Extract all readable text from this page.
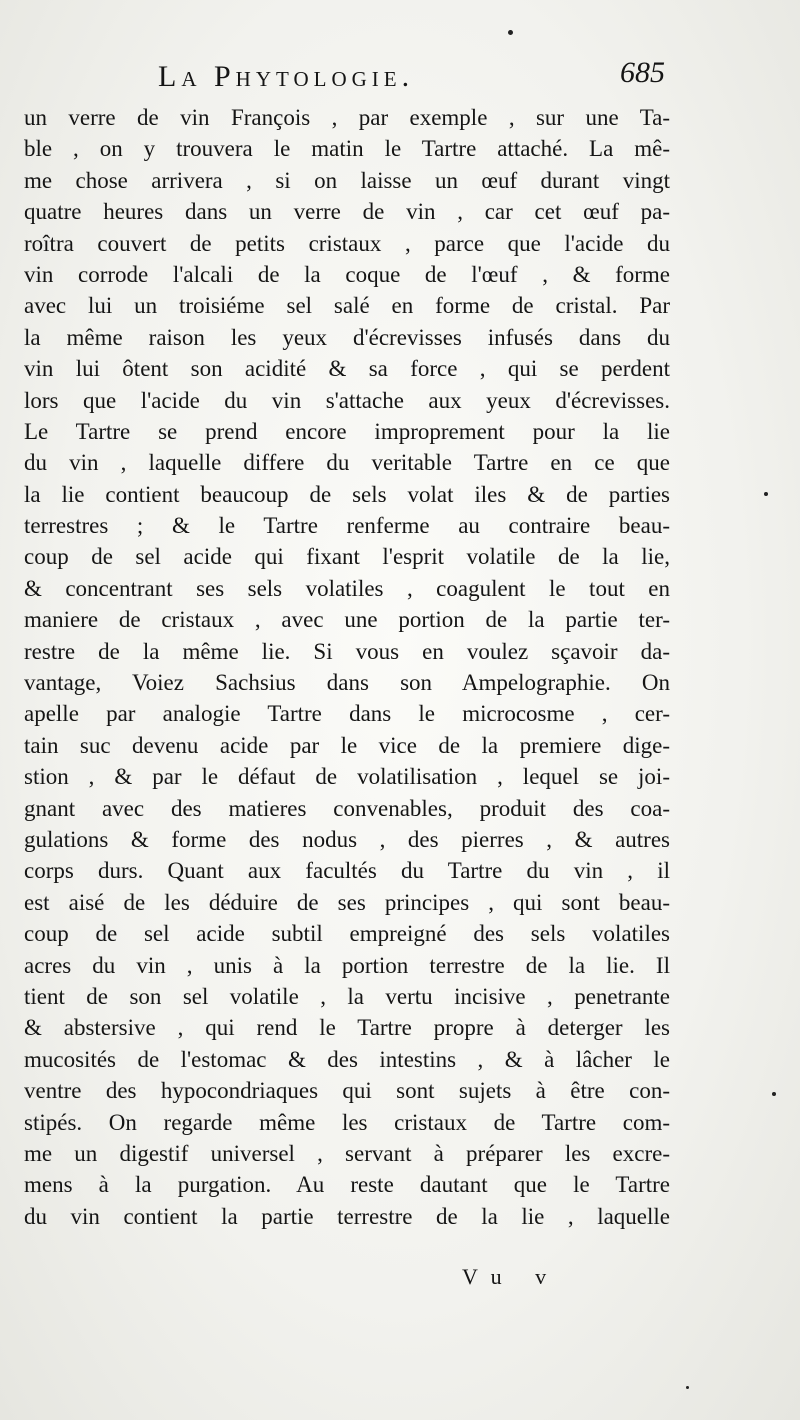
La Phytologie.	685
un verre de vin François , par exemple , sur une Ta-
ble , on y trouvera le matin le Tartre attaché. La mê-
me chose arrivera , si on laisse un œuf durant vingt
quatre heures dans un verre de vin , car cet œuf pa-
roîtra couvert de petits cristaux , parce que l'acide du
vin corrode l'alcali de la coque de l'œuf , & forme
avec lui un troisiéme sel salé en forme de cristal. Par
la même raison les yeux d'écrevisses infusés dans du
vin lui ôtent son acidité & sa force , qui se perdent
lors que l'acide du vin s'attache aux yeux d'écrevisses.
Le Tartre se prend encore improprement pour la lie
du vin , laquelle differe du veritable Tartre en ce que
la lie contient beaucoup de sels volat iles & de parties
terrestres ; & le Tartre renferme au contraire beau-
coup de sel acide qui fixant l'esprit volatile de la lie,
& concentrant ses sels volatiles , coagulent le tout en
maniere de cristaux , avec une portion de la partie ter-
restre de la même lie. Si vous en voulez sçavoir da-
vantage, Voiez Sachsius dans son Ampelographie. On
apelle par analogie Tartre dans le microcosme , cer-
tain suc devenu acide par le vice de la premiere dige-
stion , & par le défaut de volatilisation , lequel se joi-
gnant avec des matieres convenables, produit des coa-
gulations & forme des nodus , des pierres , & autres
corps durs. Quant aux facultés du Tartre du vin , il
est aisé de les déduire de ses principes , qui sont beau-
coup de sel acide subtil empreigné des sels volatiles
acres du vin , unis à la portion terrestre de la lie. Il
tient de son sel volatile , la vertu incisive , penetrante
& abstersive , qui rend le Tartre propre à deterger les
mucosités de l'estomac & des intestins , & à lâcher le
ventre des hypocondriaques qui sont sujets à être con-
stipés. On regarde même les cristaux de Tartre com-
me un digestif universel , servant à préparer les excre-
mens à la purgation. Au reste dautant que le Tartre
du vin contient la partie terrestre de la lie , laquelle
Vu v
